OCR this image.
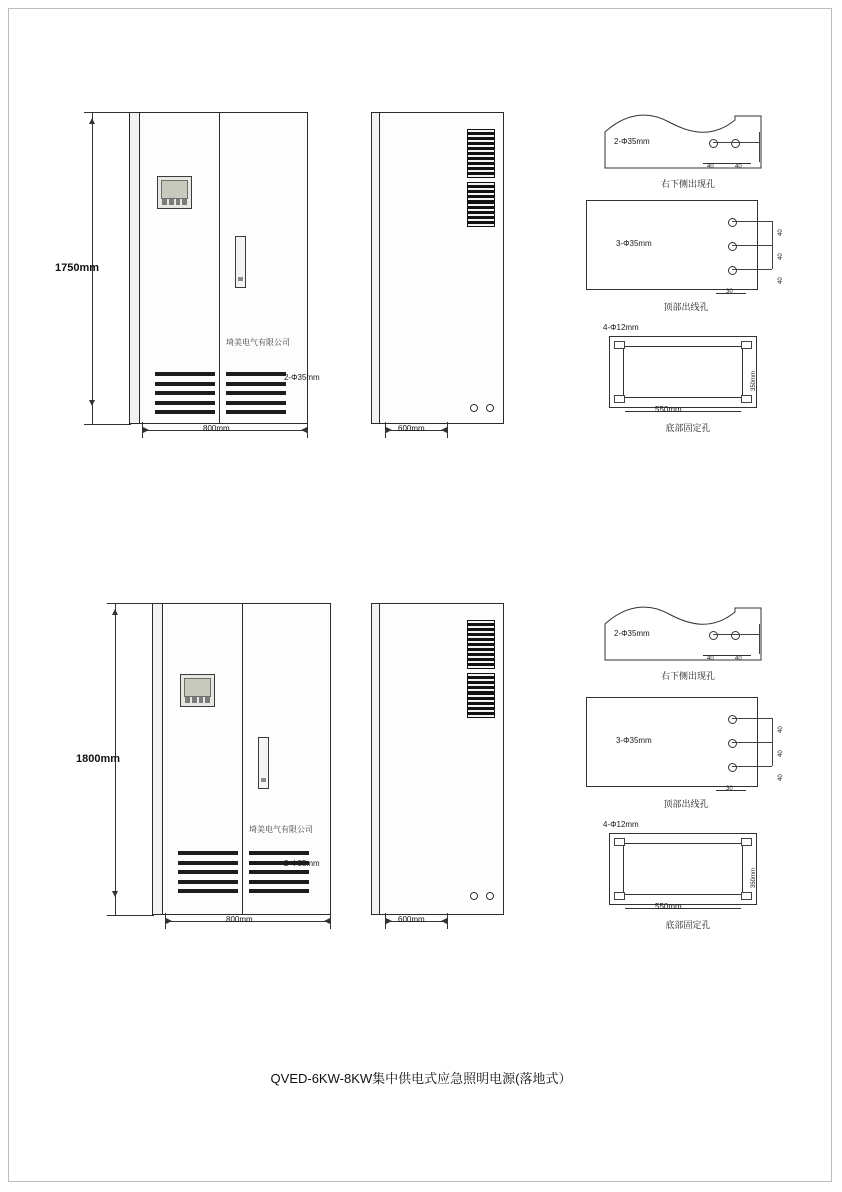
埼美电气有限公司
1750mm
800mm
2-Φ35mm
600mm
2-Φ35mm
40	40
右下侧出现孔
3-Φ35mm
40
40
40
30
顶部出线孔
4-Φ12mm
550mm
350mm
底部固定孔
埼美电气有限公司
1800mm
800mm
2-Φ35mm
600mm
2-Φ35mm
40	40
右下侧出现孔
3-Φ35mm
40
40
40
30
顶部出线孔
4-Φ12mm
550mm
350mm
底部固定孔
QVED-6KW-8KW集中供电式应急照明电源(落地式）
